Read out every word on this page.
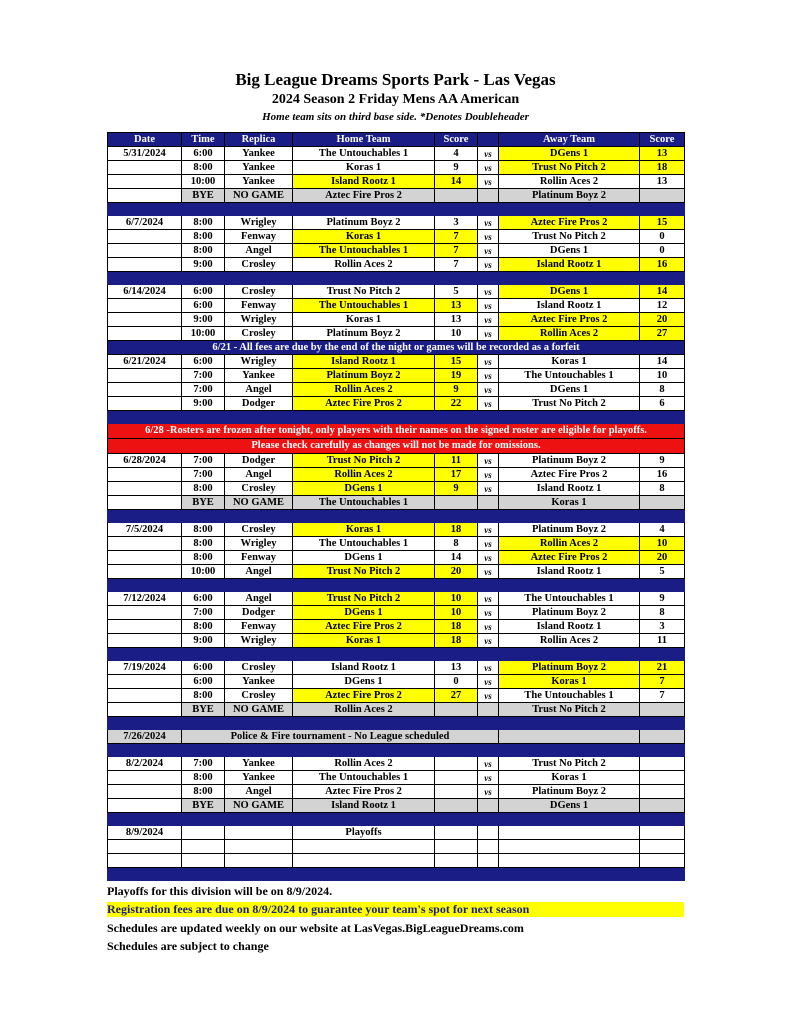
Big League Dreams Sports Park - Las Vegas
2024 Season 2 Friday Mens AA American
Home team sits on third base side. *Denotes Doubleheader
Date	Time	Replica	Home Team	Score		Away Team	Score
5/31/2024	6:00	Yankee	The Untouchables 1	4	vs	DGens 1	13
	8:00	Yankee	Koras 1	9	vs	Trust No Pitch 2	18
	10:00	Yankee	Island Rootz 1	14	vs	Rollin Aces 2	13
	BYE	NO GAME	Aztec Fire Pros 2			Platinum Boyz 2	

6/7/2024	8:00	Wrigley	Platinum Boyz 2	3	vs	Aztec Fire Pros 2	15
	8:00	Fenway	Koras 1	7	vs	Trust No Pitch 2	0
	8:00	Angel	The Untouchables 1	7	vs	DGens 1	0
	9:00	Crosley	Rollin Aces 2	7	vs	Island Rootz 1	16

6/14/2024	6:00	Crosley	Trust No Pitch 2	5	vs	DGens 1	14
	6:00	Fenway	The Untouchables 1	13	vs	Island Rootz 1	12
	9:00	Wrigley	Koras 1	13	vs	Aztec Fire Pros 2	20
	10:00	Crosley	Platinum Boyz 2	10	vs	Rollin Aces 2	27
6/21 - All fees are due by the end of the night or games will be recorded as a forfeit							
6/21/2024	6:00	Wrigley	Island Rootz 1	15	vs	Koras 1	14
	7:00	Yankee	Platinum Boyz 2	19	vs	The Untouchables 1	10
	7:00	Angel	Rollin Aces 2	9	vs	DGens 1	8
	9:00	Dodger	Aztec Fire Pros 2	22	vs	Trust No Pitch 2	6

6/28 -Rosters are frozen after tonight, only players with their names on the signed roster are eligible for playoffs.							
Please check carefully as changes will not be made for omissions.							
6/28/2024	7:00	Dodger	Trust No Pitch 2	11	vs	Platinum Boyz 2	9
	7:00	Angel	Rollin Aces 2	17	vs	Aztec Fire Pros 2	16
	8:00	Crosley	DGens 1	9	vs	Island Rootz 1	8
	BYE	NO GAME	The Untouchables 1			Koras 1	

7/5/2024	8:00	Crosley	Koras 1	18	vs	Platinum Boyz 2	4
	8:00	Wrigley	The Untouchables 1	8	vs	Rollin Aces 2	10
	8:00	Fenway	DGens 1	14	vs	Aztec Fire Pros 2	20
	10:00	Angel	Trust No Pitch 2	20	vs	Island Rootz 1	5

7/12/2024	6:00	Angel	Trust No Pitch 2	10	vs	The Untouchables 1	9
	7:00	Dodger	DGens 1	10	vs	Platinum Boyz 2	8
	8:00	Fenway	Aztec Fire Pros 2	18	vs	Island Rootz 1	3
	9:00	Wrigley	Koras 1	18	vs	Rollin Aces 2	11

7/19/2024	6:00	Crosley	Island Rootz 1	13	vs	Platinum Boyz 2	21
	6:00	Yankee	DGens 1	0	vs	Koras 1	7
	8:00	Crosley	Aztec Fire Pros 2	27	vs	The Untouchables 1	7
	BYE	NO GAME	Rollin Aces 2			Trust No Pitch 2	

7/26/2024	Police & Fire tournament - No League scheduled						

8/2/2024	7:00	Yankee	Rollin Aces 2		vs	Trust No Pitch 2	
	8:00	Yankee	The Untouchables 1		vs	Koras 1	
	8:00	Angel	Aztec Fire Pros 2		vs	Platinum Boyz 2	
	BYE	NO GAME	Island Rootz 1			DGens 1	

8/9/2024			Playoffs				

Playoffs for this division will be on 8/9/2024.
Registration fees are due on 8/9/2024 to guarantee your team's spot for next season
Schedules are updated weekly on our website at LasVegas.BigLeagueDreams.com
Schedules are subject to change
